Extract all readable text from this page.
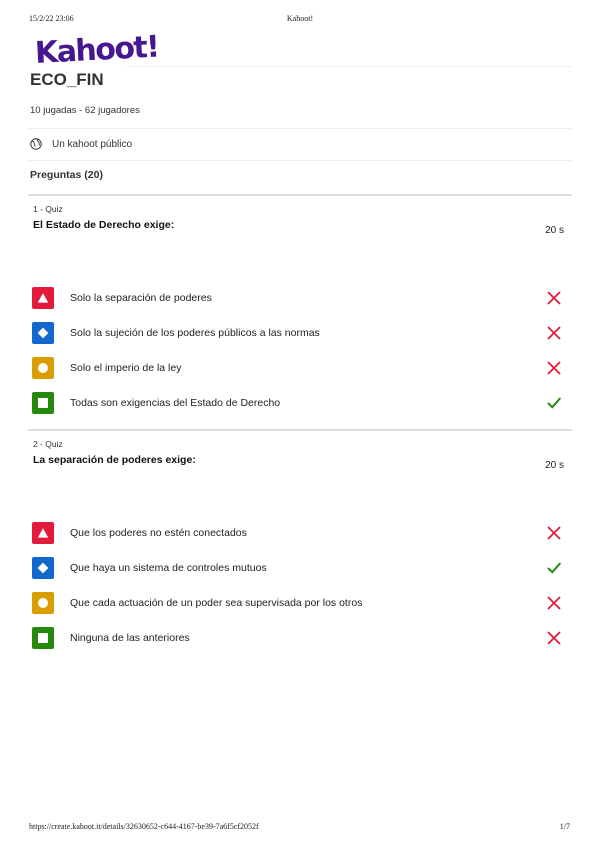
15/2/22 23:06	Kahoot!
Kahoot!
ECO_FIN
10 jugadas - 62 jugadores
Un kahoot público
Preguntas (20)
1 - Quiz
El Estado de Derecho exige:	20 s
Solo la separación de poderes
Solo la sujeción de los poderes públicos a las normas
Solo el imperio de la ley
Todas son exigencias del Estado de Derecho
2 - Quiz
La separación de poderes exige:	20 s
Que los poderes no estén conectados
Que haya un sistema de controles mutuos
Que cada actuación de un poder sea supervisada por los otros
Ninguna de las anteriores
https://create.kahoot.it/details/32630652-c644-4167-be39-7a6f5cf2052f	1/7
